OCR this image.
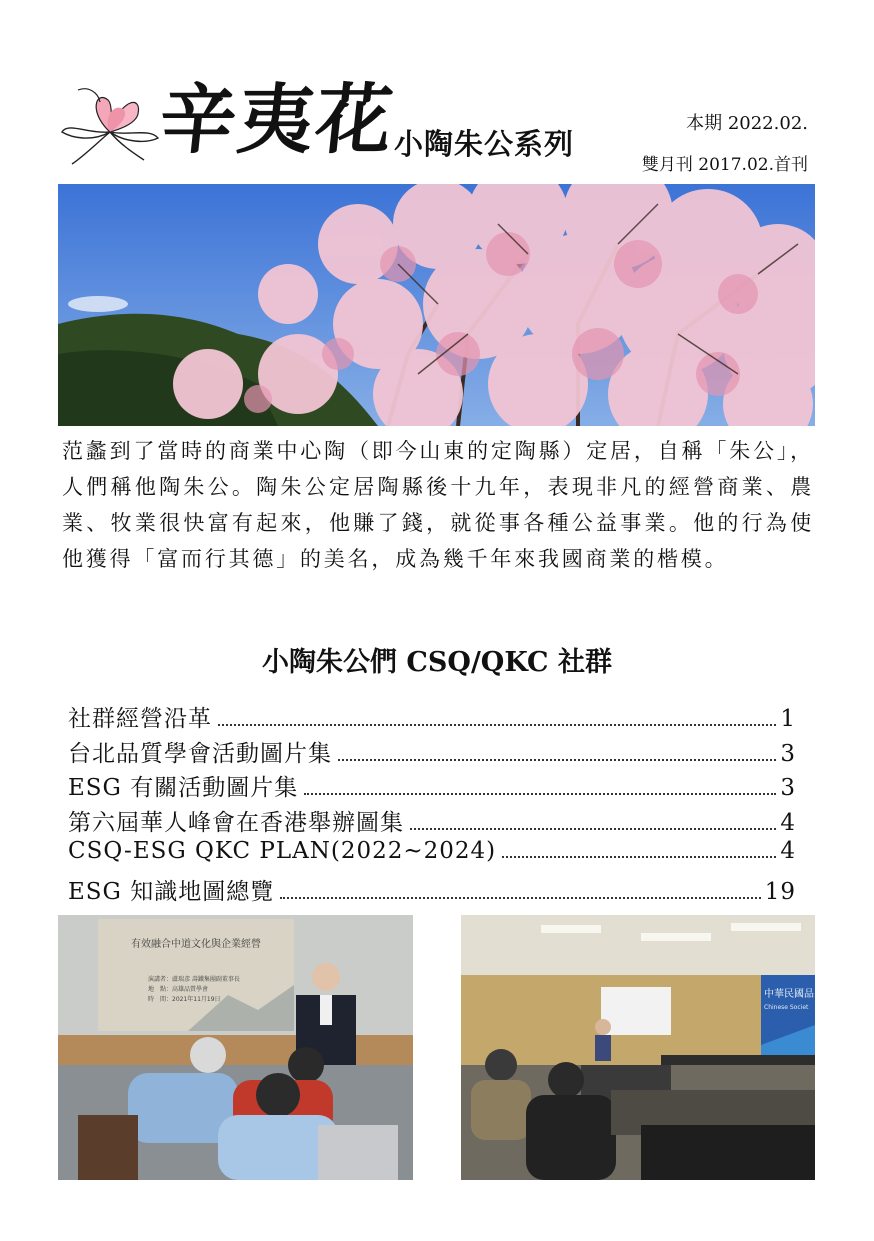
辛夷花
小陶朱公系列
本期 2022.02.
雙月刊 2017.02.首刊

范蠡到了當時的商業中心陶（即今山東的定陶縣）定居，自稱「朱公」，人們稱他陶朱公。陶朱公定居陶縣後十九年，表現非凡的經營商業、農業、牧業很快富有起來，他賺了錢，就從事各種公益事業。他的行為使他獲得「富而行其德」的美名，成為幾千年來我國商業的楷模。

小陶朱公們 CSQ/QKC 社群
社群經營沿革	1
台北品質學會活動圖片集	3
ESG 有關活動圖片集	3
第六屆華人峰會在香港舉辦圖集	4
CSQ-ESG QKC PLAN(2022~2024)	4
ESG 知識地圖總覽	19
有效融合中道文化與企業經營
演講者：盧瑞彥 壽鐵集團副董事長
地　點：高雄品質學會
時　間：2021年11月19日	中華民國品
Chinese Societ
